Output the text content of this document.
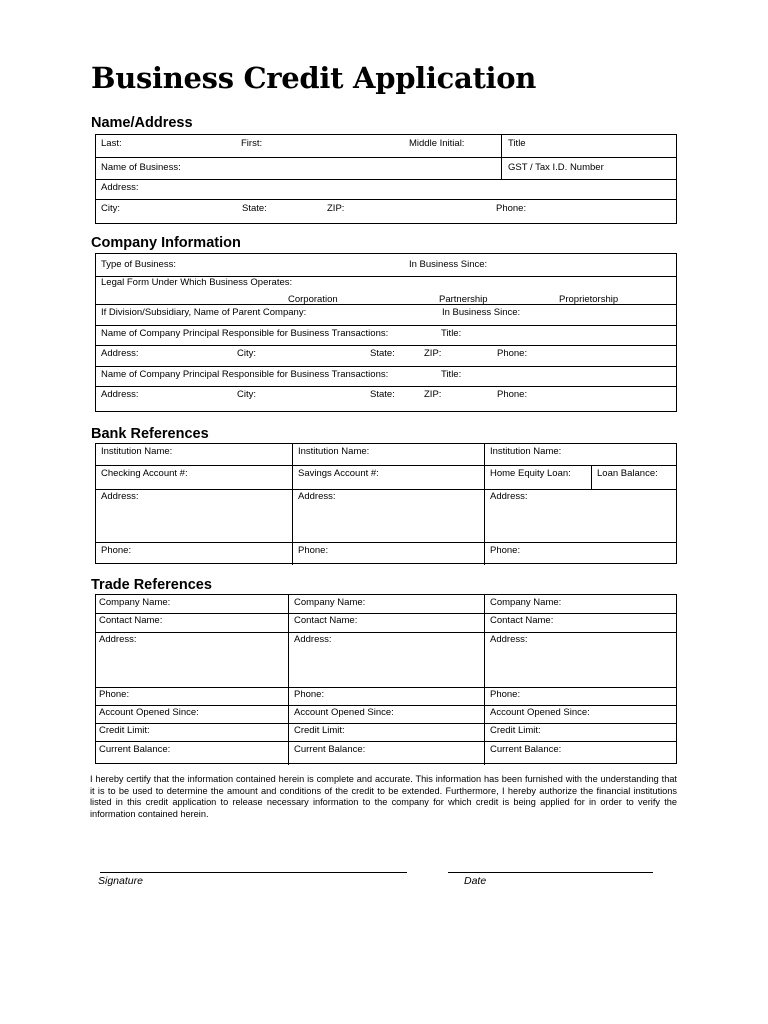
Business Credit Application
Name/Address
Last:	First:	Middle Initial:	Title
Name of Business:	GST / Tax I.D. Number
Address:
City:	State:	ZIP:	Phone:
Company Information
Type of Business:	In Business Since:
Legal Form Under Which Business Operates:
Corporation	Partnership	Proprietorship
If Division/Subsidiary, Name of Parent Company:	In Business Since:
Name of Company Principal Responsible for Business Transactions:	Title:
Address:	City:	State:	ZIP:	Phone:
Name of Company Principal Responsible for Business Transactions:	Title:
Address:	City:	State:	ZIP:	Phone:
Bank References
Institution Name:	Institution Name:	Institution Name:
Checking Account #:	Savings Account #:	Home Equity Loan:	Loan Balance:
Address:	Address:	Address:
Phone:	Phone:	Phone:
Trade References
Company Name:	Company Name:	Company Name:
Contact Name:	Contact Name:	Contact Name:
Address:	Address:	Address:
Phone:	Phone:	Phone:
Account Opened Since:	Account Opened Since:	Account Opened Since:
Credit Limit:	Credit Limit:	Credit Limit:
Current Balance:	Current Balance:	Current Balance:
I hereby certify that the information contained herein is complete and accurate. This information has been furnished with the understanding that it is to be used to determine the amount and conditions of the credit to be extended. Furthermore, I hereby authorize the financial institutions listed in this credit application to release necessary information to the company for which credit is being applied for in order to verify the information contained herein.
Signature	Date
